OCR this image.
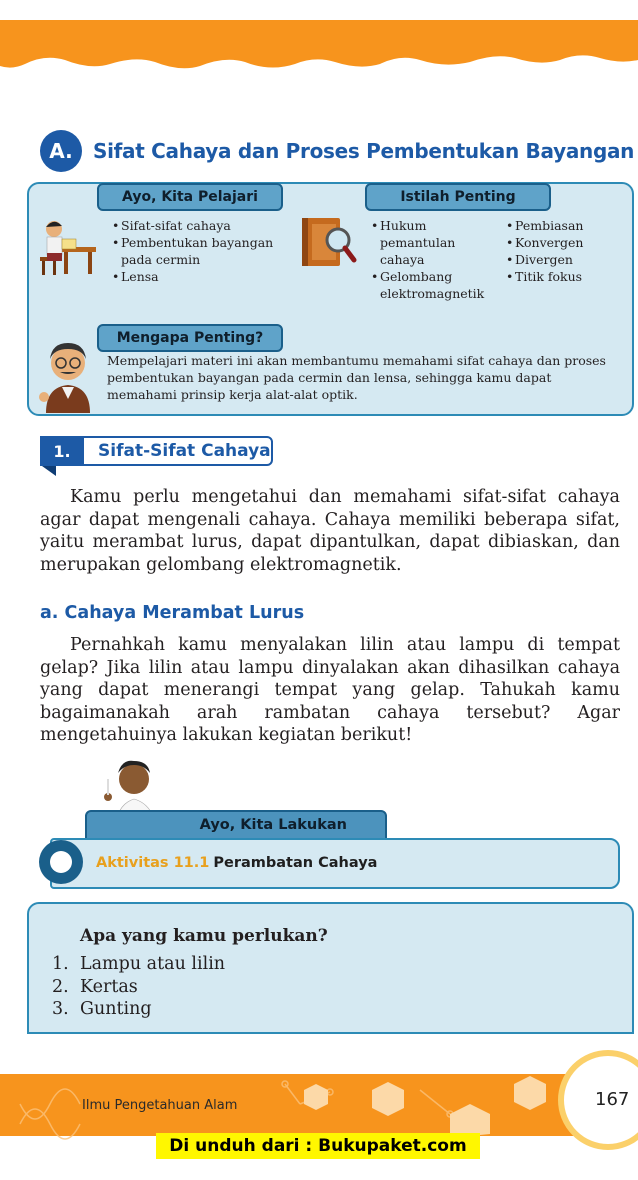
A.	Sifat Cahaya dan Proses Pembentukan Bayangan
Ayo, Kita Pelajari	Istilah Penting
• Sifat-sifat cahaya
• Pembentukan bayangan
pada cermin
• Lensa
• Hukum
pemantulan
cahaya
• Gelombang
elektromagnetik
• Pembiasan
• Konvergen
• Divergen
• Titik fokus
Mengapa Penting?
Mempelajari materi ini akan membantumu memahami sifat cahaya dan proses pembentukan bayangan pada cermin dan lensa, sehingga kamu dapat memahami prinsip kerja alat-alat optik.
1.	Sifat-Sifat Cahaya
Kamu perlu mengetahui dan memahami sifat-sifat cahaya agar dapat mengenali cahaya. Cahaya memiliki beberapa sifat, yaitu merambat lurus, dapat dipantulkan, dapat dibiaskan, dan merupakan gelombang elektromagnetik.
a. Cahaya Merambat Lurus
Pernahkah kamu menyalakan lilin atau lampu di tempat gelap? Jika lilin atau lampu dinyalakan akan dihasilkan cahaya yang dapat menerangi tempat yang gelap. Tahukah kamu bagaimanakah arah rambatan cahaya tersebut? Agar mengetahuinya lakukan kegiatan berikut!
Ayo, Kita Lakukan
Aktivitas 11.1 Perambatan Cahaya
Apa yang kamu perlukan?
1. Lampu atau lilin
2. Kertas
3. Gunting
167
Ilmu Pengetahuan Alam
Di unduh dari : Bukupaket.com
